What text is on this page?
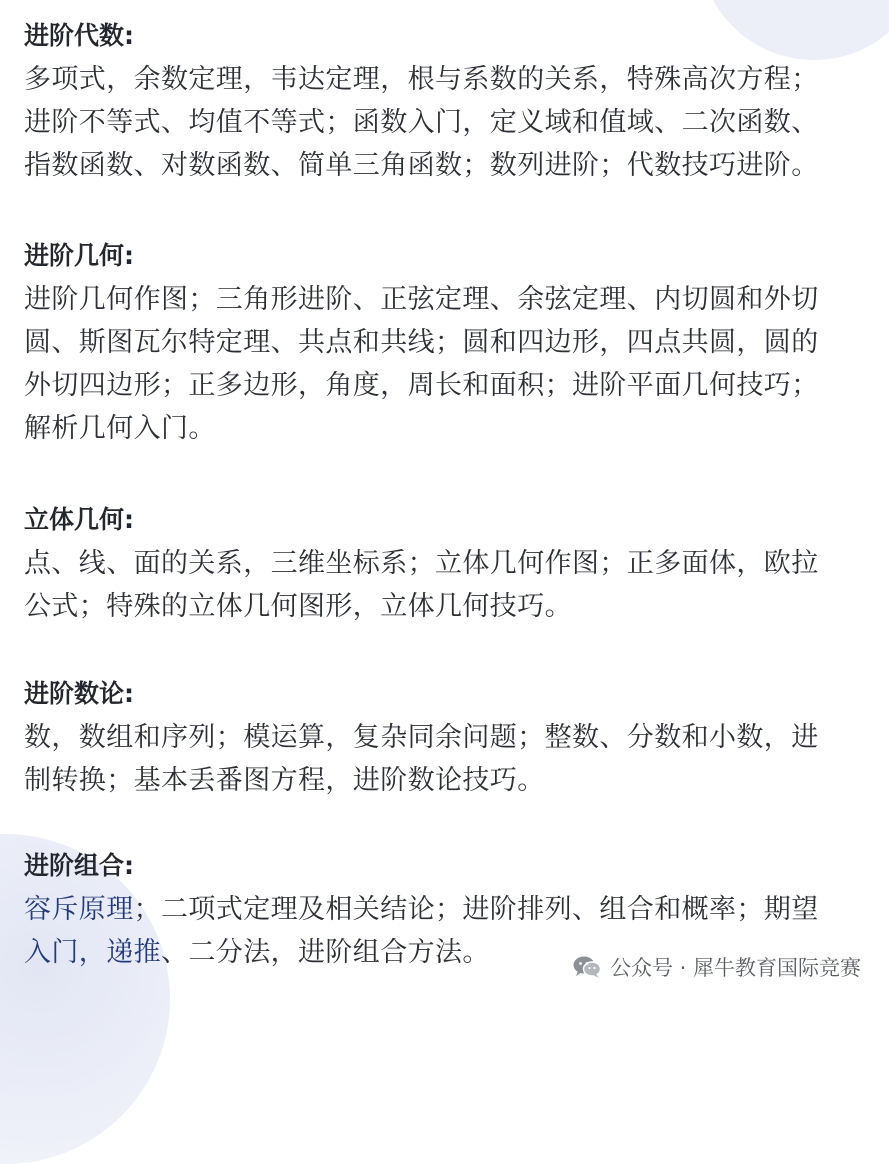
进阶代数:

多项式，余数定理，韦达定理，根与系数的关系，特殊高次方程；
进阶不等式、均值不等式；函数入门，定义域和值域、二次函数、
指数函数、对数函数、简单三角函数；数列进阶；代数技巧进阶。

进阶几何:

进阶几何作图；三角形进阶、正弦定理、余弦定理、内切圆和外切
圆、斯图瓦尔特定理、共点和共线；圆和四边形，四点共圆，圆的
外切四边形；正多边形，角度，周长和面积；进阶平面几何技巧；
解析几何入门。

立体几何:

点、线、面的关系，三维坐标系；立体几何作图；正多面体，欧拉
公式；特殊的立体几何图形，立体几何技巧。

进阶数论:

数，数组和序列；模运算，复杂同余问题；整数、分数和小数，进
制转换；基本丢番图方程，进阶数论技巧。

进阶组合:

容斥原理；二项式定理及相关结论；进阶排列、组合和概率；期望
入门，递推、二分法，进阶组合方法。	公众号 · 犀牛教育国际竞赛
